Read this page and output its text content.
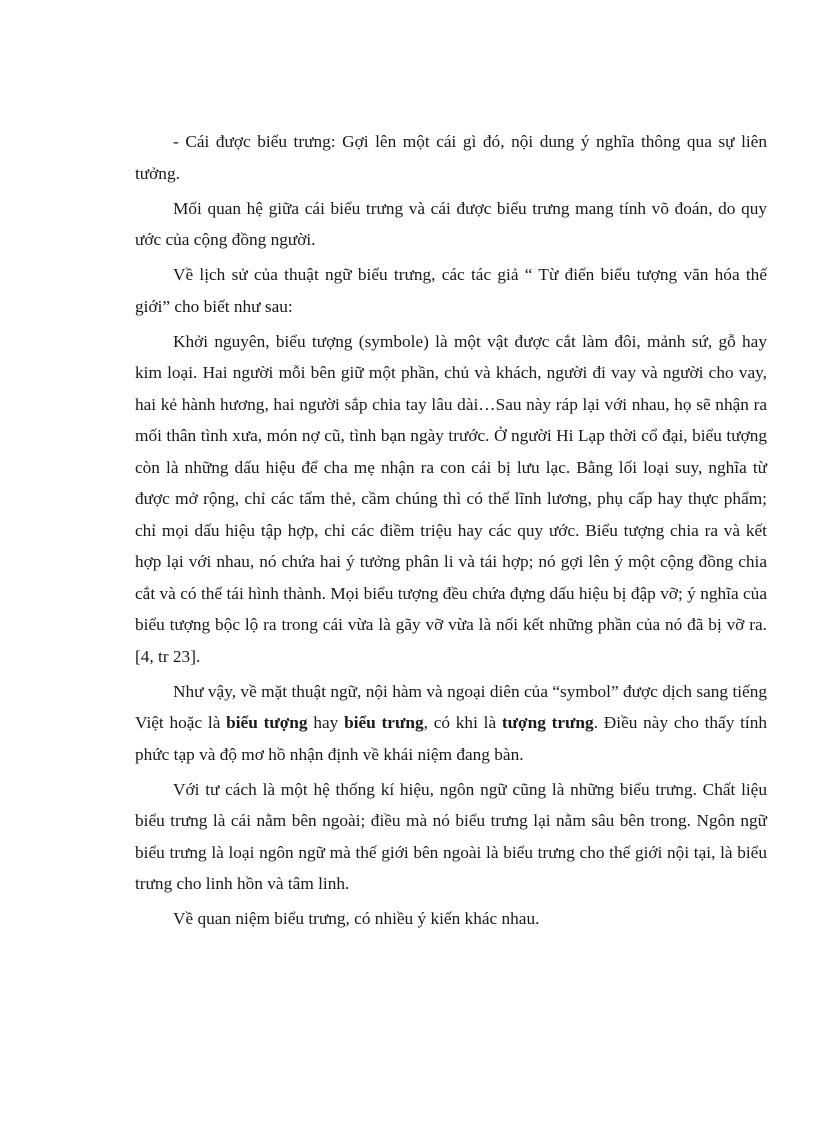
- Cái được biểu trưng: Gợi lên một cái gì đó, nội dung ý nghĩa thông qua sự liên tưởng.

Mối quan hệ giữa cái biểu trưng và cái được biểu trưng mang tính võ đoán, do quy ước của cộng đồng người.

Về lịch sử của thuật ngữ biểu trưng, các tác giả “ Từ điển biểu tượng văn hóa thế giới” cho biết như sau:

Khởi nguyên, biểu tượng (symbole) là một vật được cắt làm đôi, mảnh sứ, gỗ hay kim loại. Hai người mỗi bên giữ một phần, chủ và khách, người đi vay và người cho vay, hai kẻ hành hương, hai người sắp chia tay lâu dài…Sau này ráp lại với nhau, họ sẽ nhận ra mối thân tình xưa, món nợ cũ, tình bạn ngày trước. Ở người Hi Lạp thời cổ đại, biểu tượng còn là những dấu hiệu để cha mẹ nhận ra con cái bị lưu lạc. Bằng lối loại suy, nghĩa từ được mở rộng, chỉ các tấm thẻ, cầm chúng thì có thể lĩnh lương, phụ cấp hay thực phẩm; chỉ mọi dấu hiệu tập hợp, chỉ các điềm triệu hay các quy ước. Biểu tượng chia ra và kết hợp lại với nhau, nó chứa hai ý tưởng phân li và tái hợp; nó gợi lên ý một cộng đồng chia cắt và có thể tái hình thành. Mọi biểu tượng đều chứa đựng dấu hiệu bị đập vỡ; ý nghĩa của biểu tượng bộc lộ ra trong cái vừa là gãy vỡ vừa là nối kết những phần của nó đã bị vỡ ra. [4, tr 23].

Như vậy, về mặt thuật ngữ, nội hàm và ngoại diên của “symbol” được dịch sang tiếng Việt hoặc là biểu tượng hay biểu trưng, có khi là tượng trưng. Điều này cho thấy tính phức tạp và độ mơ hồ nhận định về khái niệm đang bàn.

Với tư cách là một hệ thống kí hiệu, ngôn ngữ cũng là những biểu trưng. Chất liệu biểu trưng là cái nằm bên ngoài; điều mà nó biểu trưng lại nằm sâu bên trong. Ngôn ngữ biểu trưng là loại ngôn ngữ mà thế giới bên ngoài là biểu trưng cho thế giới nội tại, là biểu trưng cho linh hồn và tâm linh.

Về quan niệm biểu trưng, có nhiều ý kiến khác nhau.
